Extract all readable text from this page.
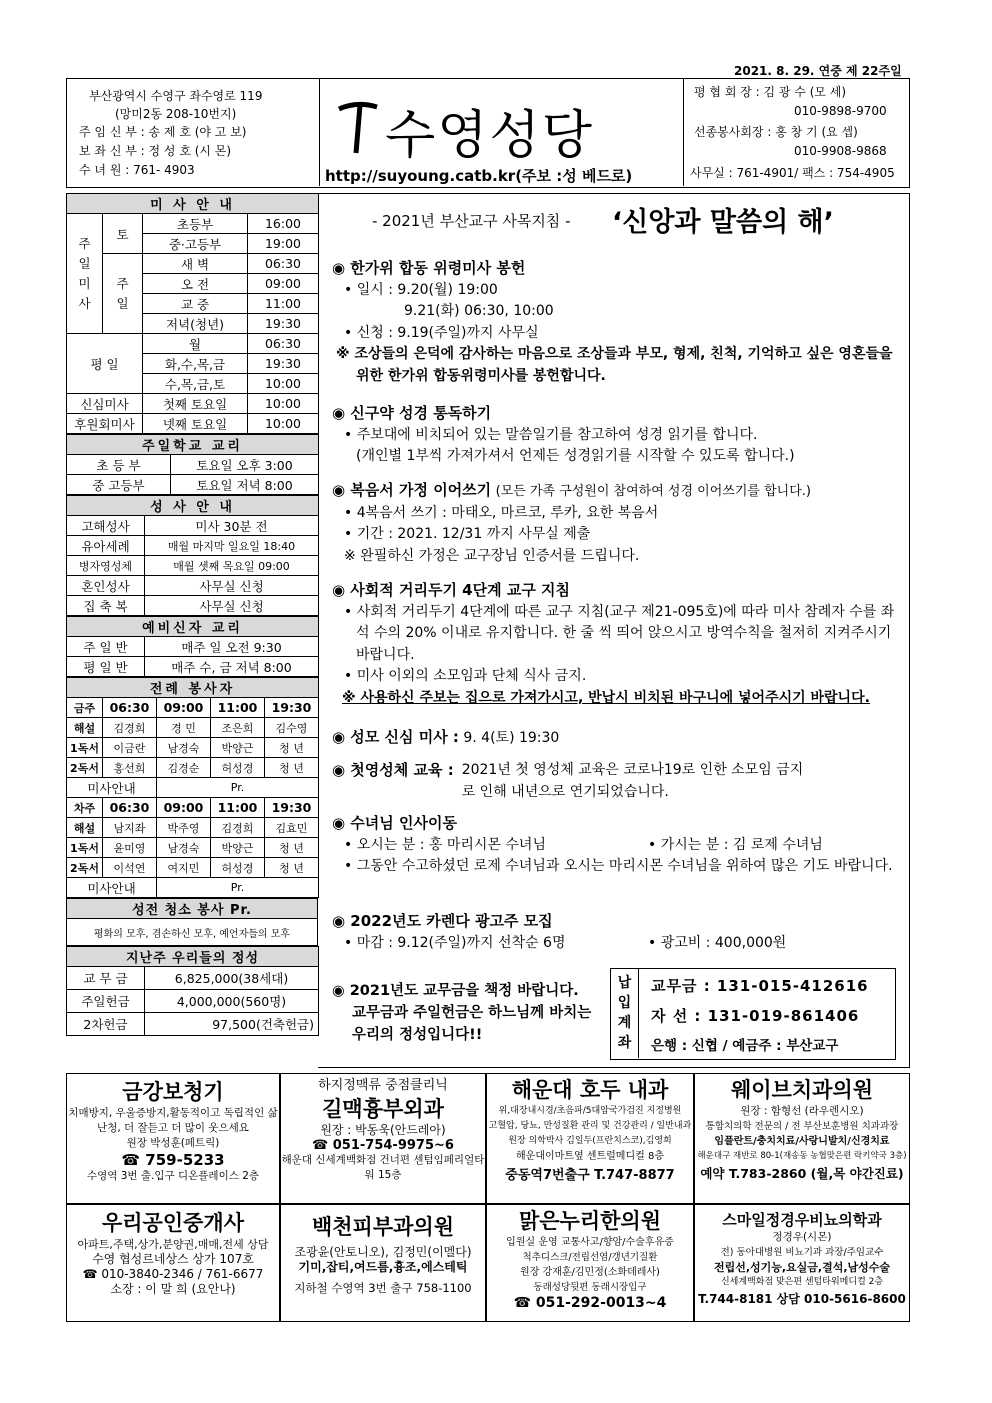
2021. 8. 29. 연중 제 22주일
부산광역시 수영구 좌수영로 119
(망미2동 208-10번지)
주 임 신 부 : 송 제 호 (야 고 보)
보 좌 신 부 : 정 성 호 (시 몬)
수 녀 원 : 761- 4903
수영성당
http://suyoung.catb.kr(주보 :성 베드로)
평 협 회 장 : 김 광 수 (모 세)
010-9898-9700
선종봉사회장 : 홍 창 기 (요 셉)
010-9908-9868
사무실 : 761-4901/ 팩스 : 754-4905
미 사 안 내			
주일미사	토	초등부	16:00
		중·고등부	19:00
	주일	새 벽	06:30
		오 전	09:00
		교 중	11:00
		저녁(청년)	19:30
평 일		월	06:30
		화,수,목,금	19:30
		수,목,금,토	10:00
신심미사		첫째 토요일	10:00
후원회미사		넷째 토요일	10:00
주일학교 교리	
초 등 부	토요일 오후 3:00
중 고등부	토요일 저녁 8:00
성 사 안 내	
고해성사	미사 30분 전
유아세례	매월 마지막 일요일 18:40
병자영성체	매월 셋째 목요일 09:00
혼인성사	사무실 신청
집 축 복	사무실 신청
예비신자 교리	
주 일 반	매주 일 오전 9:30
평 일 반	매주 수, 금 저녁 8:00
전례 봉사자				
금주	06:30	09:00	11:00	19:30
해설	김경희	경 민	조은희	김수영
1독서	이금란	남경숙	박양근	청 년
2독서	홍선희	김경순	허성경	청 년
미사안내		Pr.		
차주	06:30	09:00	11:00	19:30
해설	남지좌	박주영	김경희	김효민
1독서	윤미영	남경숙	박양근	청 년
2독서	이석연	여지민	허성경	청 년
미사안내		Pr.		
성전 청소 봉사 Pr.
평화의 모후, 겸손하신 모후, 예언자들의 모후
지난주 우리들의 정성	
교 무 금	6,825,000(38세대)
주일헌금	4,000,000(560명)
2차헌금	97,500(건축헌금)
- 2021년 부산교구 사목지침 - ‘신앙과 말씀의 해’
◉ 한가위 합동 위령미사 봉헌
• 일시 : 9.20(월) 19:00
9.21(화) 06:30, 10:00
• 신청 : 9.19(주일)까지 사무실
※ 조상들의 은덕에 감사하는 마음으로 조상들과 부모, 형제, 친척, 기억하고 싶은 영혼들을 위한 한가위 합동위령미사를 봉헌합니다.
◉ 신구약 성경 통독하기
• 주보대에 비치되어 있는 말씀일기를 참고하여 성경 읽기를 합니다.
(개인별 1부씩 가져가셔서 언제든 성경읽기를 시작할 수 있도록 합니다.)
◉ 복음서 가정 이어쓰기 (모든 가족 구성원이 참여하여 성경 이어쓰기를 합니다.)
• 4복음서 쓰기 : 마태오, 마르코, 루카, 요한 복음서
• 기간 : 2021. 12/31 까지 사무실 제출
※ 완필하신 가정은 교구장님 인증서를 드립니다.
◉ 사회적 거리두기 4단계 교구 지침
• 사회적 거리두기 4단계에 따른 교구 지침(교구 제21-095호)에 따라 미사 참례자 수를 좌석 수의 20% 이내로 유지합니다. 한 줄 씩 띄어 앉으시고 방역수칙을 철저히 지켜주시기 바랍니다.
• 미사 이외의 소모임과 단체 식사 금지.
※ 사용하신 주보는 집으로 가져가시고, 반납시 비치된 바구니에 넣어주시기 바랍니다.
◉ 성모 신심 미사 : 9. 4(토) 19:30
◉ 첫영성체 교육 : 2021년 첫 영성체 교육은 코로나19로 인한 소모임 금지로 인해 내년으로 연기되었습니다.
◉ 수녀님 인사이동
• 오시는 분 : 홍 마리시몬 수녀님	• 가시는 분 : 김 로제 수녀님
• 그동안 수고하셨던 로제 수녀님과 오시는 마리시몬 수녀님을 위하여 많은 기도 바랍니다.
◉ 2022년도 카렌다 광고주 모집
• 마감 : 9.12(주일)까지 선착순 6명	• 광고비 : 400,000원
◉ 2021년도 교무금을 책정 바랍니다.
교무금과 주일헌금은 하느님께 바치는 우리의 정성입니다!!
납입계좌
교무금 : 131-015-412616
자 선 : 131-019-861406
은행 : 신협 / 예금주 : 부산교구
금강보청기
치매방지, 우울증방지,활동적이고 독립적인 삶
난청, 더 잘듣고 더 많이 웃으세요
원장 박성훈(페트릭)
☎ 759-5233
수영역 3번 출.입구 디온플레이스 2층
하지정맥류 중점클리닉
길맥흉부외과
원장 : 박동욱(안드레아)
☎ 051-754-9975~6
해운대 신세계백화점 건너편 센텀임페리얼타워 15층
해운대 호두 내과
위,대장내시경/초음파/5대암국가검진 지정병원
고혈압, 당뇨, 만성질환 관리 및 건강관리 / 일반내과
원장 의학박사 김일두(프란치스코),김영희
해운대이마트옆 센트럴메디컬 8층
중동역7번출구 T.747-8877
웨이브치과의원
원장 : 함형선 (라우렌시오)
통합치의학 전문의 / 전 부산보훈병원 치과과장
임플란트/충치치료/사랑니발치/신경치료
해운대구 재반로 80-1(재송동 농협맞은편 락키약국 3층)
예약 T.783-2860 (월,목 야간진료)
우리공인중개사
아파트,주택,상가,분양권,매매,전세 상담
수영 협성르네상스 상가 107호
☎ 010-3840-2346 / 761-6677
소장 : 이 말 희 (요안나)
백천피부과의원
조광윤(안토니오), 김정민(이멜다)
기미,잡티,여드름,흉조,에스테틱
지하철 수영역 3번 출구 758-1100
맑은누리한의원
입원실 운영 교통사고/향암/수술후유증
척추디스크/전립선염/갱년기질환
원장 강재훈/김민정(소화데레사)
동래성당뒷편 동래시장입구
☎ 051-292-0013~4
스마일정경우비뇨의학과
정경우(시몬)
전) 동아대병원 비뇨기과 과장/주임교수
전립선,성기능,요실금,결석,남성수술
신세계백화점 맞은편 센텀타워메디컬 2층
T.744-8181 상담 010-5616-8600
